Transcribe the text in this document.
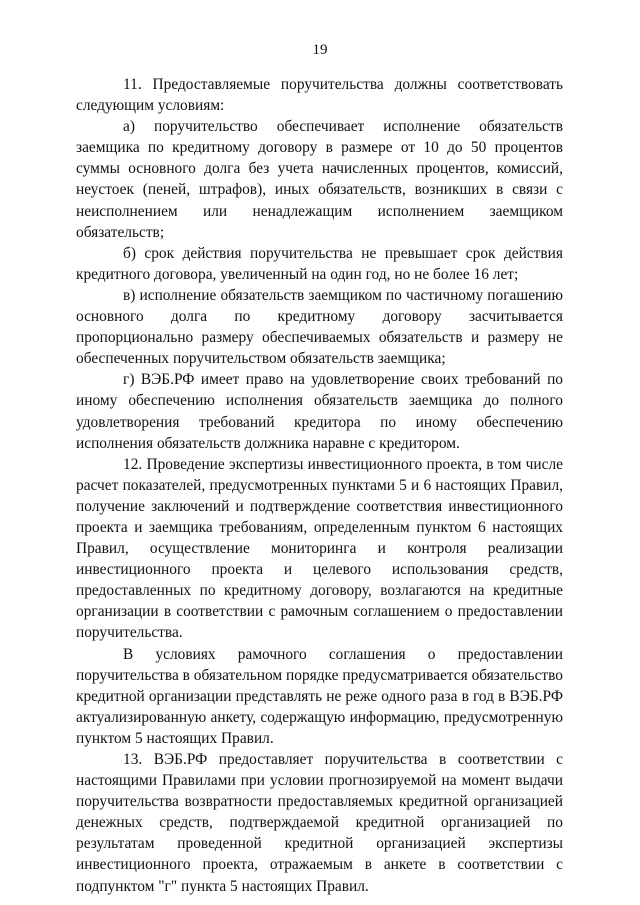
19

11. Предоставляемые поручительства должны соответствовать следующим условиям:

а) поручительство обеспечивает исполнение обязательств заемщика по кредитному договору в размере от 10 до 50 процентов суммы основного долга без учета начисленных процентов, комиссий, неустоек (пеней, штрафов), иных обязательств, возникших в связи с неисполнением или ненадлежащим исполнением заемщиком обязательств;

б) срок действия поручительства не превышает срок действия кредитного договора, увеличенный на один год, но не более 16 лет;

в) исполнение обязательств заемщиком по частичному погашению основного долга по кредитному договору засчитывается пропорционально размеру обеспечиваемых обязательств и размеру не обеспеченных поручительством обязательств заемщика;

г) ВЭБ.РФ имеет право на удовлетворение своих требований по иному обеспечению исполнения обязательств заемщика до полного удовлетворения требований кредитора по иному обеспечению исполнения обязательств должника наравне с кредитором.

12. Проведение экспертизы инвестиционного проекта, в том числе расчет показателей, предусмотренных пунктами 5 и 6 настоящих Правил, получение заключений и подтверждение соответствия инвестиционного проекта и заемщика требованиям, определенным пунктом 6 настоящих Правил, осуществление мониторинга и контроля реализации инвестиционного проекта и целевого использования средств, предоставленных по кредитному договору, возлагаются на кредитные организации в соответствии с рамочным соглашением о предоставлении поручительства.

В условиях рамочного соглашения о предоставлении поручительства в обязательном порядке предусматривается обязательство кредитной организации представлять не реже одного раза в год в ВЭБ.РФ актуализированную анкету, содержащую информацию, предусмотренную пунктом 5 настоящих Правил.

13. ВЭБ.РФ предоставляет поручительства в соответствии с настоящими Правилами при условии прогнозируемой на момент выдачи поручительства возвратности предоставляемых кредитной организацией денежных средств, подтверждаемой кредитной организацией по результатам проведенной кредитной организацией экспертизы инвестиционного проекта, отражаемым в анкете в соответствии с подпунктом "г" пункта 5 настоящих Правил.
